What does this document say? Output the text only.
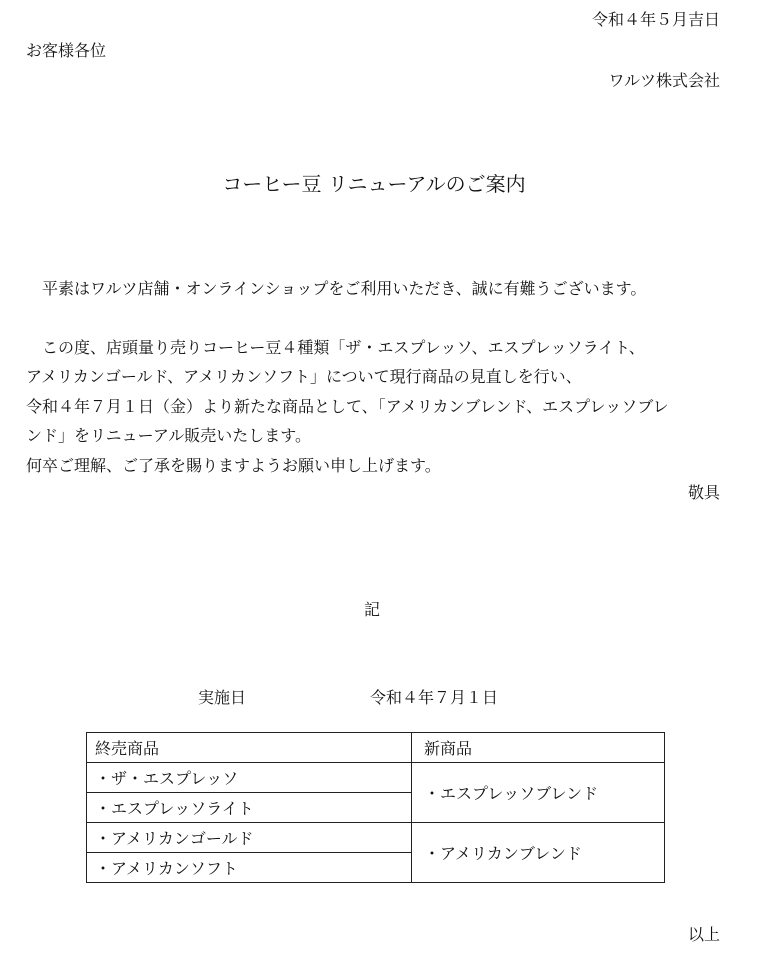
令和４年５月吉日
お客様各位
ワルツ株式会社
コーヒー豆 リニューアルのご案内

　平素はワルツ店舗・オンラインショップをご利用いただき、誠に有難うございます。

　この度、店頭量り売りコーヒー豆４種類「ザ・エスプレッソ、エスプレッソライト、

アメリカンゴールド、アメリカンソフト」について現行商品の見直しを行い、

令和４年７月１日（金）より新たな商品として、「アメリカンブレンド、エスプレッソブレ

ンド」をリニューアル販売いたします。

何卒ご理解、ご了承を賜りますようお願い申し上げます。

敬具
記
実施日	令和４年７月１日
終売商品	新商品
・ザ・エスプレッソ	・エスプレッソブレンド
・エスプレッソライト	
・アメリカンゴールド	・アメリカンブレンド
・アメリカンソフト	
以上
